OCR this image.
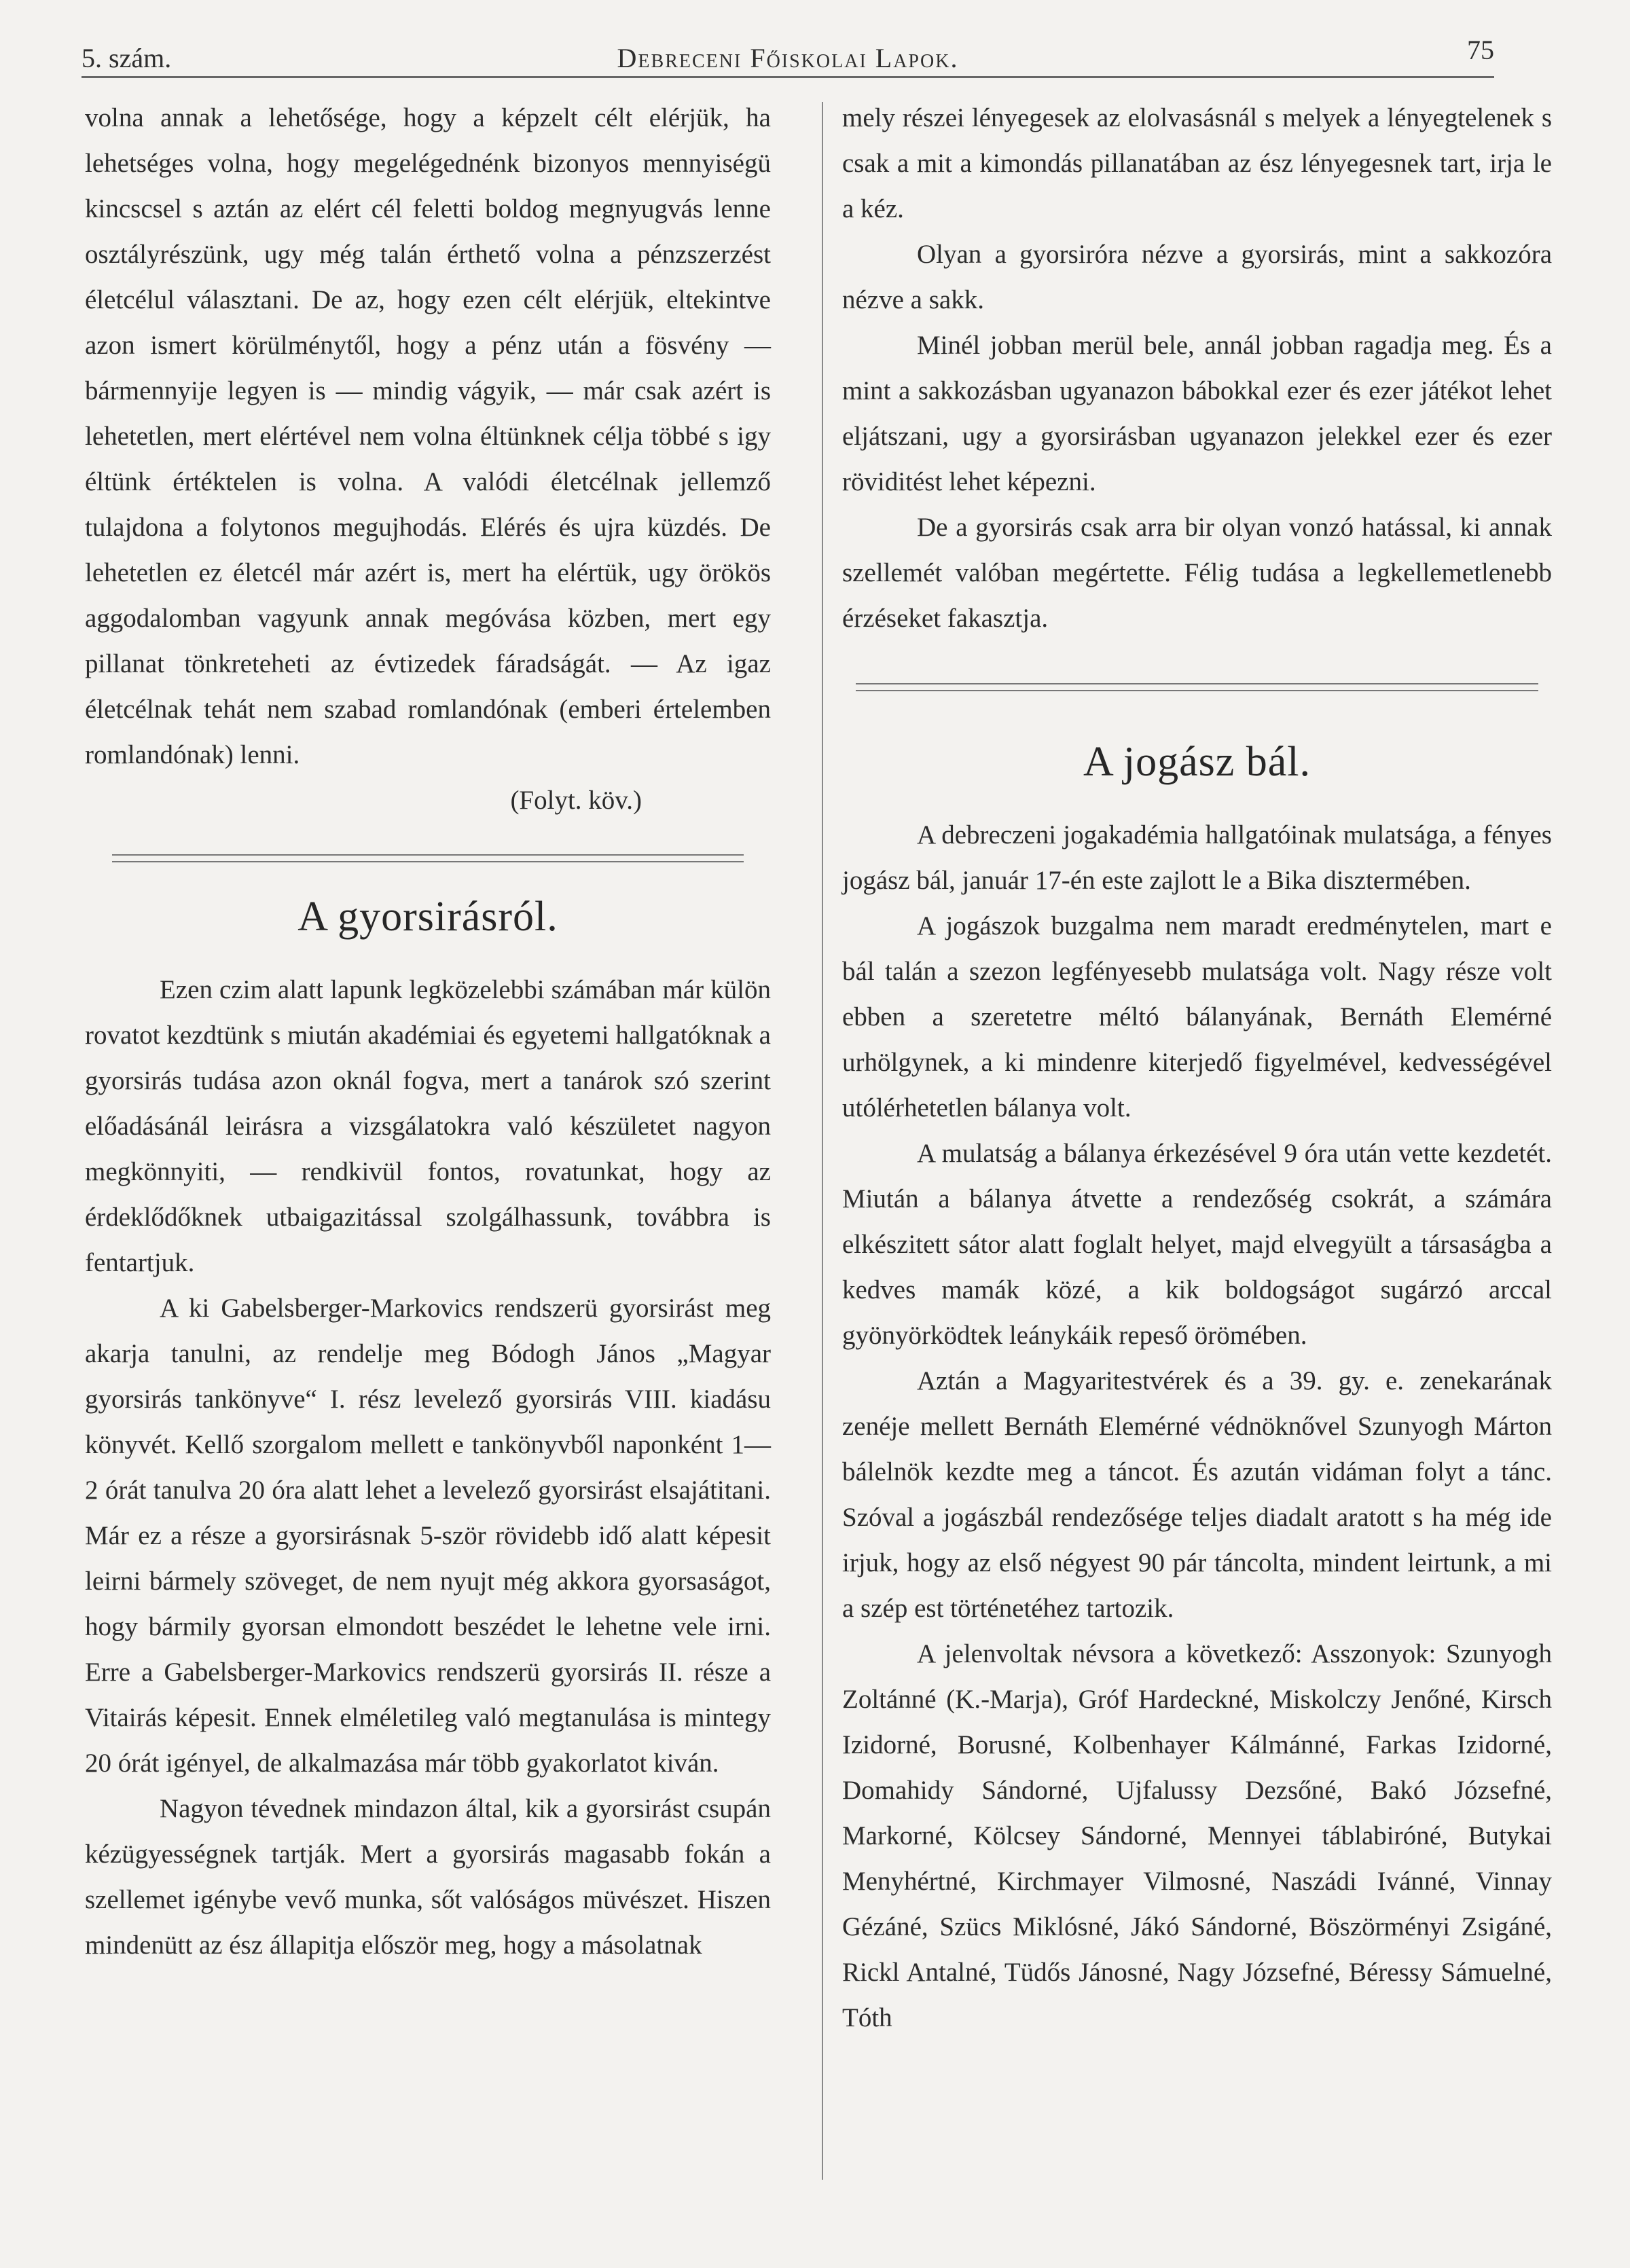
5. szám.	Debreceni Főiskolai Lapok.	75

volna annak a lehetősége, hogy a képzelt célt elérjük, ha lehetséges volna, hogy megelégednénk bizonyos mennyiségü kincscsel s aztán az elért cél feletti boldog megnyugvás lenne osztályrészünk, ugy még talán érthető volna a pénzszerzést életcélul választani. De az, hogy ezen célt elérjük, eltekintve azon ismert körülménytől, hogy a pénz után a fösvény — bármennyije legyen is — mindig vágyik, — már csak azért is lehetetlen, mert elértével nem volna éltünknek célja többé s igy éltünk értéktelen is volna. A valódi életcélnak jellemző tulajdona a folytonos megujhodás. Elérés és ujra küzdés. De lehetetlen ez életcél már azért is, mert ha elértük, ugy örökös aggodalomban vagyunk annak megóvása közben, mert egy pillanat tönkreteheti az évtizedek fáradságát. — Az igaz életcélnak tehát nem szabad romlandónak (emberi értelemben romlandónak) lenni.

(Folyt. köv.)

A gyorsirásról.

Ezen czim alatt lapunk legközelebbi számában már külön rovatot kezdtünk s miután akadémiai és egyetemi hallgatóknak a gyorsirás tudása azon oknál fogva, mert a tanárok szó szerint előadásánál leirásra a vizsgálatokra való készületet nagyon megkönnyiti, — rendkivül fontos, rovatunkat, hogy az érdeklődőknek utbaigazitással szolgálhassunk, továbbra is fentartjuk.

A ki Gabelsberger-Markovics rendszerü gyorsirást meg akarja tanulni, az rendelje meg Bódogh János „Magyar gyorsirás tankönyve“ I. rész levelező gyorsirás VIII. kiadásu könyvét. Kellő szorgalom mellett e tankönyvből naponként 1—2 órát tanulva 20 óra alatt lehet a levelező gyorsirást elsajátitani. Már ez a része a gyorsirásnak 5-ször rövidebb idő alatt képesit leirni bármely szöveget, de nem nyujt még akkora gyorsaságot, hogy bármily gyorsan elmondott beszédet le lehetne vele irni. Erre a Gabelsberger-Markovics rendszerü gyorsirás II. része a Vitairás képesit. Ennek elméletileg való megtanulása is mintegy 20 órát igényel, de alkalmazása már több gyakorlatot kiván.

Nagyon tévednek mindazon által, kik a gyorsirást csupán kézügyességnek tartják. Mert a gyorsirás magasabb fokán a szellemet igénybe vevő munka, sőt valóságos müvészet. Hiszen mindenütt az ész állapitja először meg, hogy a másolatnak

mely részei lényegesek az elolvasásnál s melyek a lényegtelenek s csak a mit a kimondás pillanatában az ész lényegesnek tart, irja le a kéz.

Olyan a gyorsiróra nézve a gyorsirás, mint a sakkozóra nézve a sakk.

Minél jobban merül bele, annál jobban ragadja meg. És a mint a sakkozásban ugyanazon bábokkal ezer és ezer játékot lehet eljátszani, ugy a gyorsirásban ugyanazon jelekkel ezer és ezer röviditést lehet képezni.

De a gyorsirás csak arra bir olyan vonzó hatással, ki annak szellemét valóban megértette. Félig tudása a legkellemetlenebb érzéseket fakasztja.

A jogász bál.

A debreczeni jogakadémia hallgatóinak mulatsága, a fényes jogász bál, január 17-én este zajlott le a Bika disztermében.

A jogászok buzgalma nem maradt eredménytelen, mart e bál talán a szezon legfényesebb mulatsága volt. Nagy része volt ebben a szeretetre méltó bálanyának, Bernáth Elemérné urhölgynek, a ki mindenre kiterjedő figyelmével, kedvességével utólérhetetlen bálanya volt.

A mulatság a bálanya érkezésével 9 óra után vette kezdetét. Miután a bálanya átvette a rendezőség csokrát, a számára elkészitett sátor alatt foglalt helyet, majd elvegyült a társaságba a kedves mamák közé, a kik boldogságot sugárzó arccal gyönyörködtek leánykáik repeső örömében.

Aztán a Magyaritestvérek és a 39. gy. e. zenekarának zenéje mellett Bernáth Elemérné védnöknővel Szunyogh Márton bálelnök kezdte meg a táncot. És azután vidáman folyt a tánc. Szóval a jogászbál rendezősége teljes diadalt aratott s ha még ide irjuk, hogy az első négyest 90 pár táncolta, mindent leirtunk, a mi a szép est történetéhez tartozik.

A jelenvoltak névsora a következő: Asszonyok: Szunyogh Zoltánné (K.-Marja), Gróf Hardeckné, Miskolczy Jenőné, Kirsch Izidorné, Borusné, Kolbenhayer Kálmánné, Farkas Izidorné, Domahidy Sándorné, Ujfalussy Dezsőné, Bakó Józsefné, Markorné, Kölcsey Sándorné, Mennyei táblabiróné, Butykai Menyhértné, Kirchmayer Vilmosné, Naszádi Ivánné, Vinnay Gézáné, Szücs Miklósné, Jákó Sándorné, Böszörményi Zsigáné, Rickl Antalné, Tüdős Jánosné, Nagy Józsefné, Béressy Sámuelné, Tóth
